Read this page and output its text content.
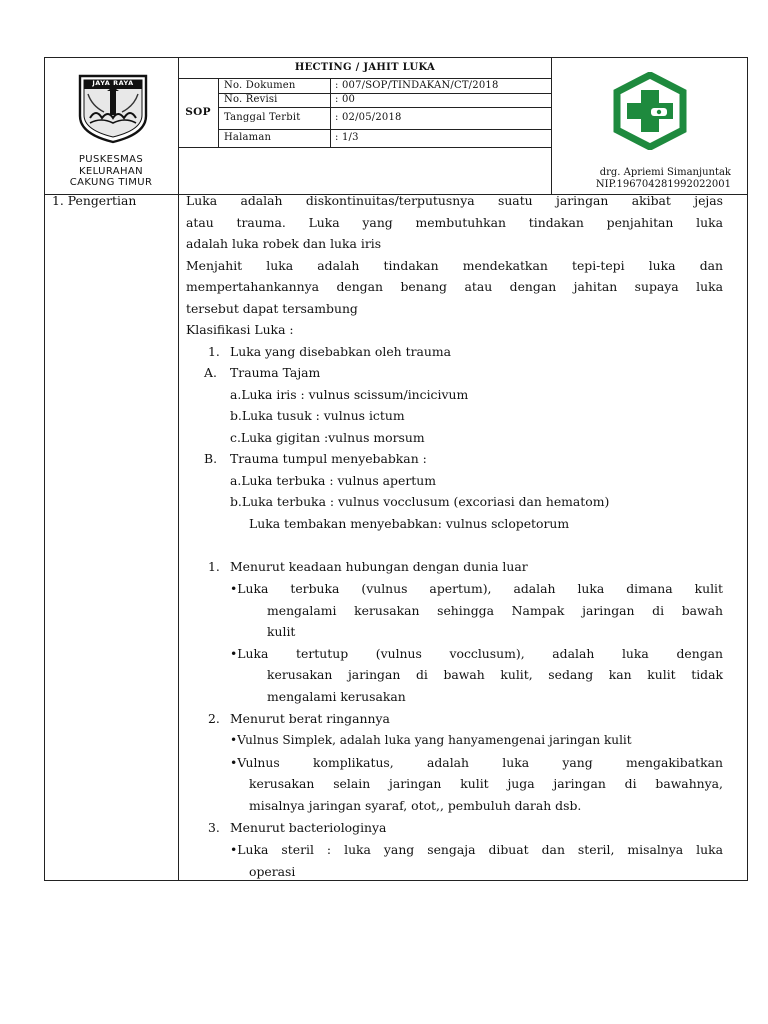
JAYA RAYA
PUSKESMAS
KELURAHAN
CAKUNG TIMUR
HECTING / JAHIT LUKA
SOP
No. Dokumen	: 007/SOP/TINDAKAN/CT/2018
No. Revisi	: 00
Tanggal Terbit	: 02/05/2018
Halaman	: 1/3
drg. Apriemi Simanjuntak
NIP.196704281992022001
1. Pengertian	Luka adalah diskontinuitas/terputusnya suatu jaringan akibat jejas
atau trauma. Luka yang membutuhkan tindakan penjahitan luka
adalah luka robek dan luka iris
Menjahit luka adalah tindakan mendekatkan tepi-tepi luka dan
mempertahankannya dengan benang atau dengan jahitan supaya luka
tersebut dapat tersambung
Klasifikasi Luka :
1. Luka yang disebabkan oleh trauma
A. Trauma Tajam
a.Luka iris : vulnus scissum/incicivum
b.Luka tusuk : vulnus ictum
c.Luka gigitan :vulnus morsum
B. Trauma tumpul menyebabkan :
a.Luka terbuka : vulnus apertum
b.Luka terbuka : vulnus vocclusum (excoriasi dan hematom)
Luka tembakan menyebabkan: vulnus sclopetorum
1. Menurut keadaan hubungan dengan dunia luar
•Luka terbuka (vulnus apertum), adalah luka dimana kulit
mengalami kerusakan sehingga Nampak jaringan di bawah
kulit
•Luka tertutup (vulnus vocclusum), adalah luka dengan
kerusakan jaringan di bawah kulit, sedang kan kulit tidak
mengalami kerusakan
2. Menurut berat ringannya
•Vulnus Simplek, adalah luka yang hanyamengenai jaringan kulit
•Vulnus komplikatus, adalah luka yang mengakibatkan
kerusakan selain jaringan kulit juga jaringan di bawahnya,
misalnya jaringan syaraf, otot,, pembuluh darah dsb.
3. Menurut bacteriologinya
•Luka steril : luka yang sengaja dibuat dan steril, misalnya luka
operasi
